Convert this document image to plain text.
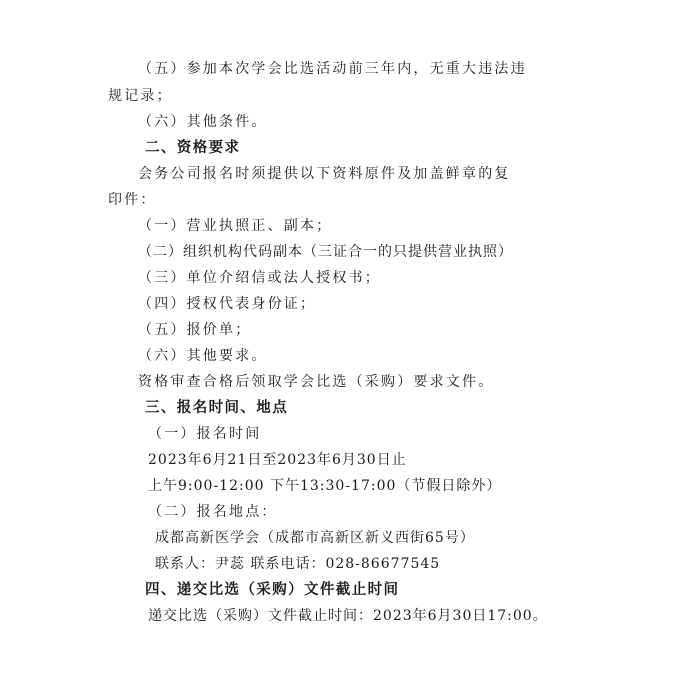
（五）参加本次学会比选活动前三年内，无重大违法违
规记录；
（六）其他条件。
二、资格要求
会务公司报名时须提供以下资料原件及加盖鲜章的复
印件：
（一）营业执照正、副本；
（二）组织机构代码副本（三证合一的只提供营业执照）
（三）单位介绍信或法人授权书；
（四）授权代表身份证；
（五）报价单；
（六）其他要求。
资格审查合格后领取学会比选（采购）要求文件。
三、报名时间、地点
（一）报名时间
2023年6月21日至2023年6月30日止
上午9:00-12:00 下午13:30-17:00（节假日除外）
（二）报名地点：
成都高新医学会（成都市高新区新义西街65号）
联系人：尹蕊 联系电话：028-86677545
四、递交比选（采购）文件截止时间
递交比选（采购）文件截止时间：2023年6月30日17:00。
